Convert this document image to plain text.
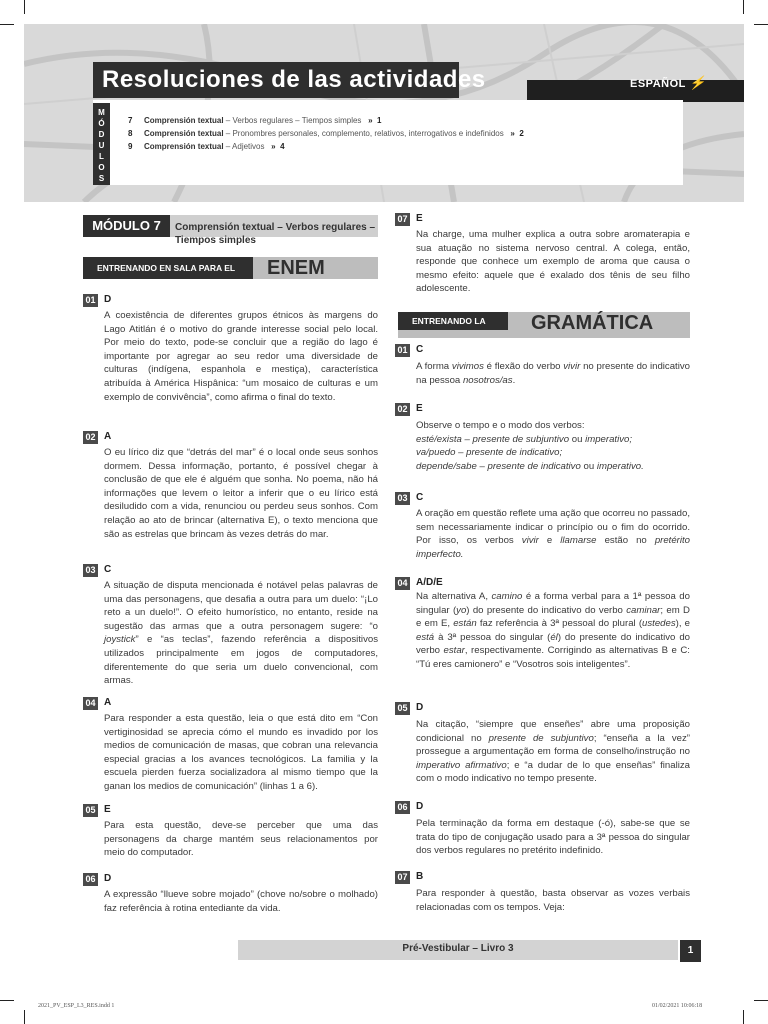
ESPAÑOL ⚡
Resoluciones de las actividades
M
Ó
D
U
L
O
S
7 Comprensión textual – Verbos regulares – Tiempos simples » 1
8 Comprensión textual – Pronombres personales, complemento, relativos, interrogativos e indefinidos » 2
9 Comprensión textual – Adjetivos » 4
MÓDULO 7	Comprensión textual – Verbos regulares – Tiempos simples
ENTRENANDO EN SALA PARA EL	ENEM
01 D
A coexistência de diferentes grupos étnicos às margens do Lago Atitlán é o motivo do grande interesse social pelo local. Por meio do texto, pode-se concluir que a região do lago é importante por agregar ao seu redor uma diversidade de culturas (indígena, espanhola e mestiça), característica atribuída à América Hispânica: “um mosaico de culturas e um exemplo de convivência”, como afirma o final do texto.
02 A
O eu lírico diz que “detrás del mar” é o local onde seus sonhos dormem. Dessa informação, portanto, é possível chegar à conclusão de que ele é alguém que sonha. No poema, não há informações que levem o leitor a inferir que o eu lírico está desiludido com a vida, renunciou ou perdeu seus sonhos. Com relação ao ato de brincar (alternativa E), o texto menciona que são as estrelas que brincam às vezes detrás do mar.
03 C
A situação de disputa mencionada é notável pelas palavras de uma das personagens, que desafia a outra para um duelo: “¡Lo reto a un duelo!”. O efeito humorístico, no entanto, reside na sugestão das armas que a outra personagem sugere: “o joystick” e “as teclas”, fazendo referência a dispositivos utilizados principalmente em jogos de computadores, diferentemente do que seria um duelo convencional, com armas.
04 A
Para responder a esta questão, leia o que está dito em “Con vertiginosidad se aprecia cómo el mundo es invadido por los medios de comunicación de masas, que cobran una relevancia especial gracias a los avances tecnológicos. La familia y la escuela pierden fuerza socializadora al mismo tiempo que la ganan los medios de comunicación” (linhas 1 a 6).
05 E
Para esta questão, deve-se perceber que uma das personagens da charge mantém seus relacionamentos por meio do computador.
06 D
A expressão “llueve sobre mojado” (chove no/sobre o molhado) faz referência à rotina entediante da vida.
07 E
Na charge, uma mulher explica a outra sobre aromaterapia e sua atuação no sistema nervoso central. A colega, então, responde que conhece um exemplo de aroma que causa o mesmo efeito: aquele que é exalado dos tênis de seu filho adolescente.
ENTRENANDO LA	GRAMÁTICA
01 C
A forma vivimos é flexão do verbo vivir no presente do indicativo na pessoa nosotros/as.
02 E
Observe o tempo e o modo dos verbos:
esté/exista – presente de subjuntivo ou imperativo;
va/puedo – presente de indicativo;
depende/sabe – presente de indicativo ou imperativo.
03 C
A oração em questão reflete uma ação que ocorreu no passado, sem necessariamente indicar o princípio ou o fim do ocorrido. Por isso, os verbos vivir e llamarse estão no pretérito imperfecto.
04 A/D/E
Na alternativa A, camino é a forma verbal para a 1ª pessoa do singular (yo) do presente do indicativo do verbo caminar; em D e em E, están faz referência à 3ª pessoal do plural (ustedes), e está à 3ª pessoa do singular (él) do presente do indicativo do verbo estar, respectivamente. Corrigindo as alternativas B e C: “Tú eres camionero” e “Vosotros sois inteligentes”.
05 D
Na citação, “siempre que enseñes” abre uma proposição condicional no presente de subjuntivo; “enseña a la vez” prossegue a argumentação em forma de conselho/instrução no imperativo afirmativo; e “a dudar de lo que enseñas” finaliza com o modo indicativo no tempo presente.
06 D
Pela terminação da forma em destaque (-ó), sabe-se que se trata do tipo de conjugação usado para a 3ª pessoa do singular dos verbos regulares no pretérito indefinido.
07 B
Para responder à questão, basta observar as vozes verbais relacionadas com os tempos. Veja:
Pré-Vestibular – Livro 3	1
2021_PV_ESP_L3_RES.indd 1	01/02/2021 10:06:18
